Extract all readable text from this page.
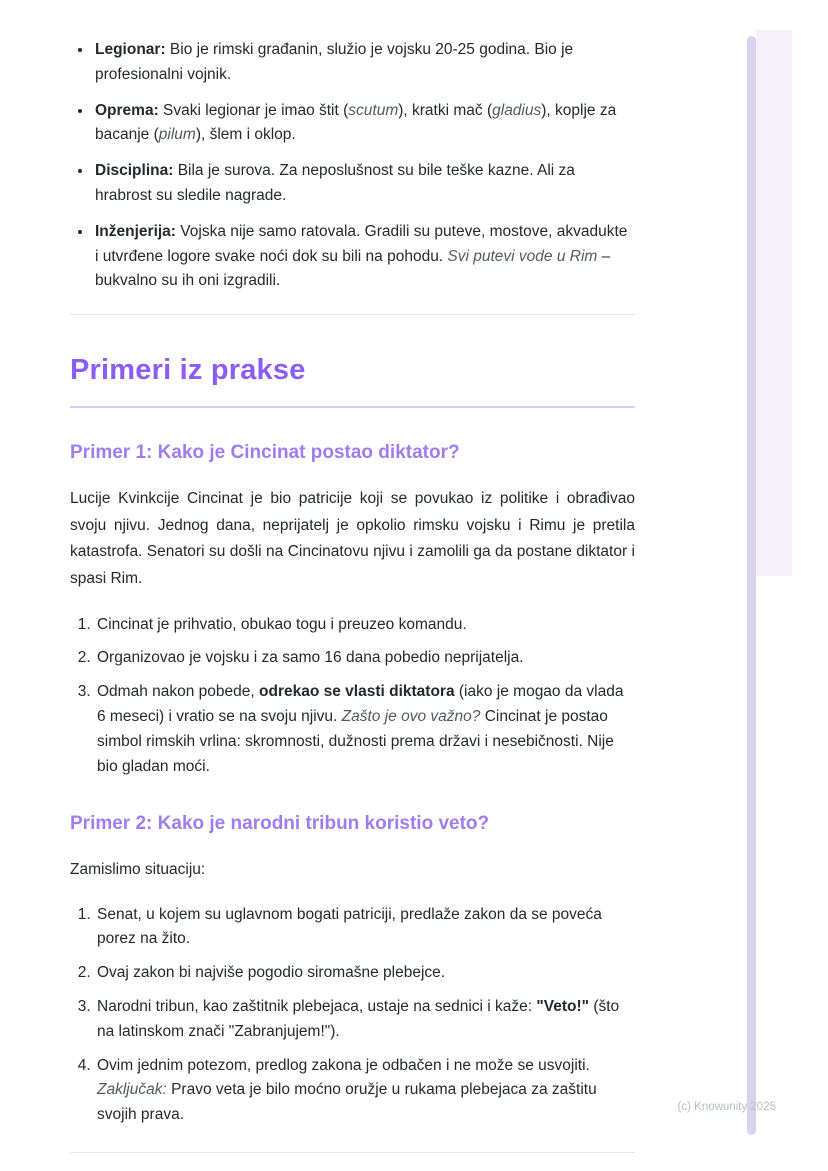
• Legionar: Bio je rimski građanin, služio je vojsku 20-25 godina. Bio je profesionalni vojnik.
• Oprema: Svaki legionar je imao štit (scutum), kratki mač (gladius), koplje za bacanje (pilum), šlem i oklop.
• Disciplina: Bila je surova. Za neposlušnost su bile teške kazne. Ali za hrabrost su sledile nagrade.
• Inženjerija: Vojska nije samo ratovala. Gradili su puteve, mostove, akvadukte i utvrđene logore svake noći dok su bili na pohodu. Svi putevi vode u Rim – bukvalno su ih oni izgradili.
Primeri iz prakse
Primer 1: Kako je Cincinat postao diktator?

Lucije Kvinkcije Cincinat je bio patricije koji se povukao iz politike i obrađivao svoju njivu. Jednog dana, neprijatelj je opkolio rimsku vojsku i Rimu je pretila katastrofa. Senatori su došli na Cincinatovu njivu i zamolili ga da postane diktator i spasi Rim.

1. Cincinat je prihvatio, obukao togu i preuzeo komandu.
2. Organizovao je vojsku i za samo 16 dana pobedio neprijatelja.
3. Odmah nakon pobede, odrekao se vlasti diktatora (iako je mogao da vlada 6 meseci) i vratio se na svoju njivu. Zašto je ovo važno? Cincinat je postao simbol rimskih vrlina: skromnosti, dužnosti prema državi i nesebičnosti. Nije bio gladan moći.
Primer 2: Kako je narodni tribun koristio veto?

Zamislimo situaciju:

1. Senat, u kojem su uglavnom bogati patriciji, predlaže zakon da se poveća porez na žito.
2. Ovaj zakon bi najviše pogodio siromašne plebejce.
3. Narodni tribun, kao zaštitnik plebejaca, ustaje na sednici i kaže: "Veto!" (što na latinskom znači "Zabranjujem!").
4. Ovim jednim potezom, predlog zakona je odbačen i ne može se usvojiti. Zaključak: Pravo veta je bilo moćno oružje u rukama plebejaca za zaštitu svojih prava.	(c) Knowunity 2025
